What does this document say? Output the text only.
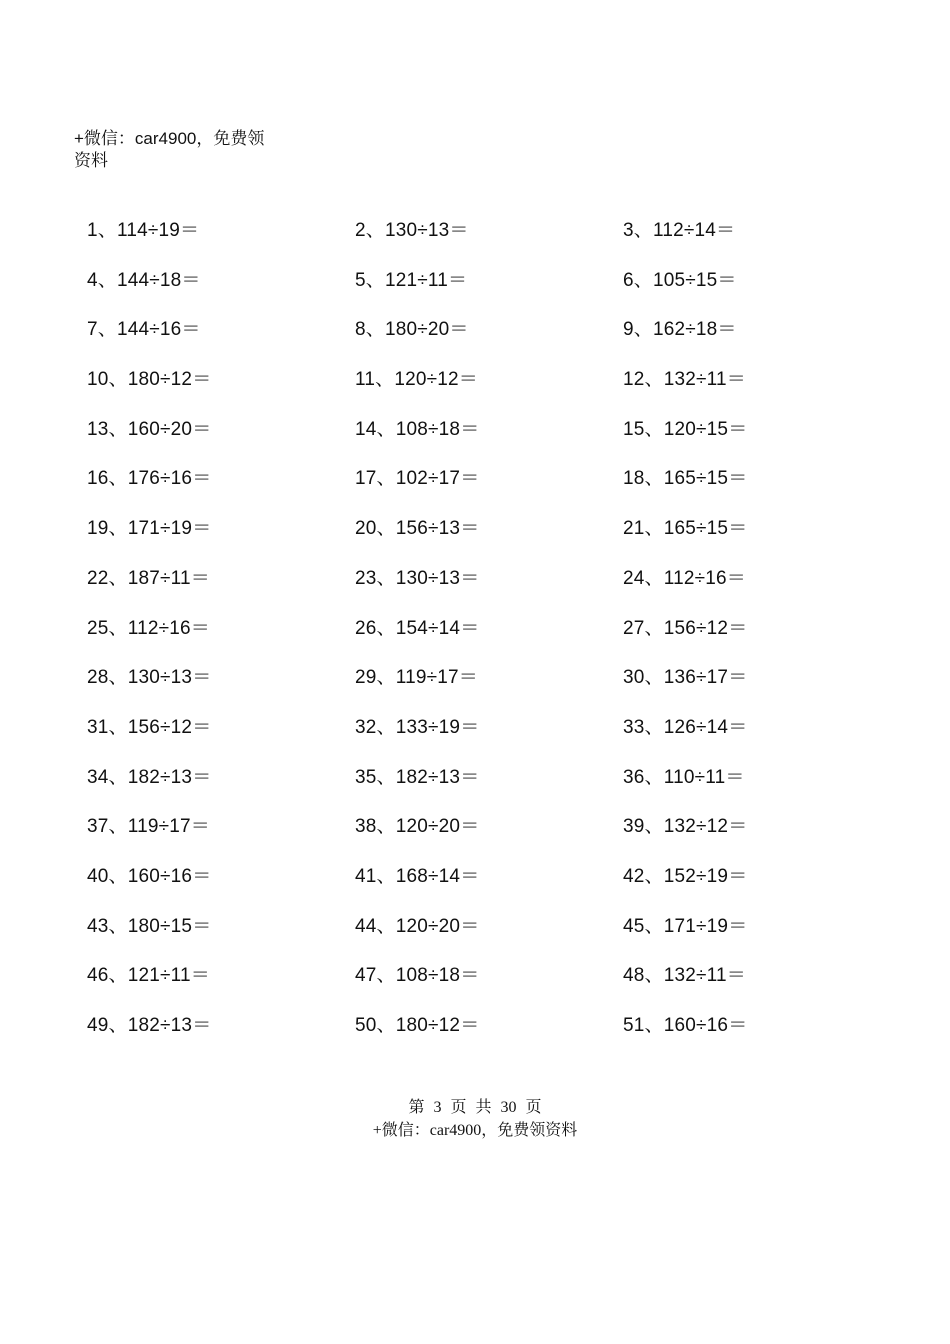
+微信：car4900，免费领资料
1、114÷19＝	2、130÷13＝	3、112÷14＝
4、144÷18＝	5、121÷11＝	6、105÷15＝
7、144÷16＝	8、180÷20＝	9、162÷18＝
10、180÷12＝	11、120÷12＝	12、132÷11＝
13、160÷20＝	14、108÷18＝	15、120÷15＝
16、176÷16＝	17、102÷17＝	18、165÷15＝
19、171÷19＝	20、156÷13＝	21、165÷15＝
22、187÷11＝	23、130÷13＝	24、112÷16＝
25、112÷16＝	26、154÷14＝	27、156÷12＝
28、130÷13＝	29、119÷17＝	30、136÷17＝
31、156÷12＝	32、133÷19＝	33、126÷14＝
34、182÷13＝	35、182÷13＝	36、110÷11＝
37、119÷17＝	38、120÷20＝	39、132÷12＝
40、160÷16＝	41、168÷14＝	42、152÷19＝
43、180÷15＝	44、120÷20＝	45、171÷19＝
46、121÷11＝	47、108÷18＝	48、132÷11＝
49、182÷13＝	50、180÷12＝	51、160÷16＝
第 3 页 共 30 页
+微信：car4900，免费领资料
